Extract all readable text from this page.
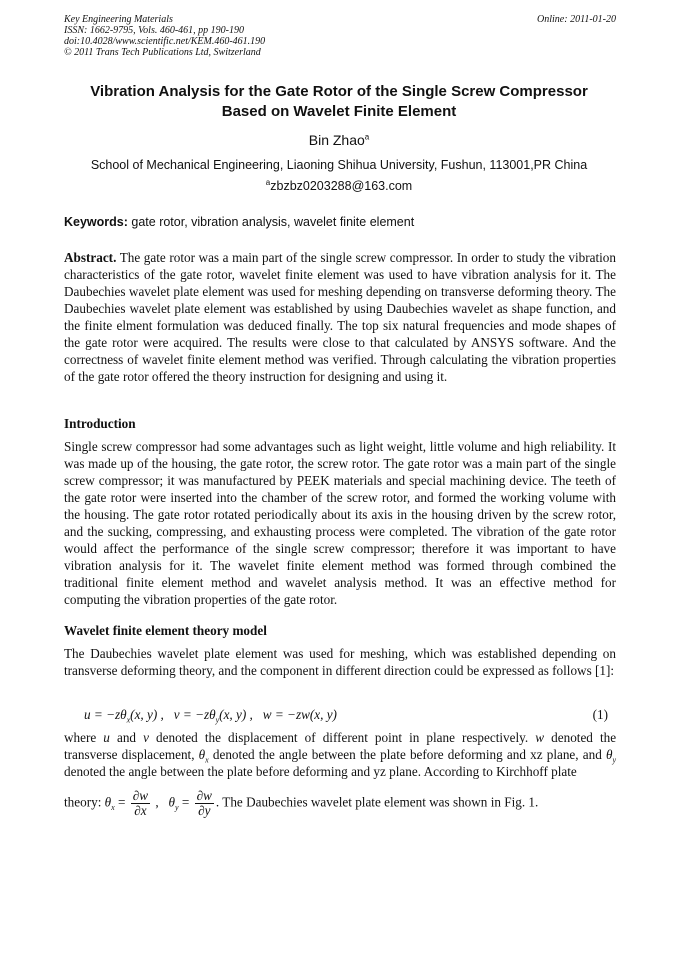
Key Engineering Materials
ISSN: 1662-9795, Vols. 460-461, pp 190-190
doi:10.4028/www.scientific.net/KEM.460-461.190
© 2011 Trans Tech Publications Ltd, Switzerland
Online: 2011-01-20
Vibration Analysis for the Gate Rotor of the Single Screw Compressor
Based on Wavelet Finite Element
Bin Zhao$^a$
School of Mechanical Engineering, Liaoning Shihua University, Fushun, 113001,PR China
$^a$zbzbz0203288@163.com
Keywords: gate rotor, vibration analysis, wavelet finite element
Abstract. The gate rotor was a main part of the single screw compressor. In order to study the vibration characteristics of the gate rotor, wavelet finite element was used to have vibration analysis for it. The Daubechies wavelet plate element was used for meshing depending on transverse deforming theory. The Daubechies wavelet plate element was established by using Daubechies wavelet as shape function, and the finite elment formulation was deduced finally. The top six natural frequencies and mode shapes of the gate rotor were acquired. The results were close to that calculated by ANSYS software. And the correctness of wavelet finite element method was verified. Through calculating the vibration properties of the gate rotor offered the theory instruction for designing and using it.
Introduction
Single screw compressor had some advantages such as light weight, little volume and high reliability. It was made up of the housing, the gate rotor, the screw rotor. The gate rotor was a main part of the single screw compressor; it was manufactured by PEEK materials and special machining device. The teeth of the gate rotor were inserted into the chamber of the screw rotor, and formed the working volume with the housing. The gate rotor rotated periodically about its axis in the housing driven by the screw rotor, and the sucking, compressing, and exhausting process were completed. The vibration of the gate rotor would affect the performance of the single screw compressor; therefore it was important to have vibration analysis for it. The wavelet finite element method was formed through combined the traditional finite element method and wavelet analysis method. It was an effective method for computing the vibration properties of the gate rotor.
Wavelet finite element theory model
The Daubechies wavelet plate element was used for meshing, which was established depending on transverse deforming theory, and the component in different direction could be expressed as follows [1]:
$u = -z\theta_x(x$, y) , $v = -z\theta_y(x$, y) , w = −zw(x, y)	(1)
where u and v denoted the displacement of different point in plane respectively. w denoted the transverse displacement, $\theta_x$ denoted the angle between the plate before deforming and xz plane, and $\theta_y$ denoted the angle between the plate before deforming and yz plane. According to Kirchhoff plate
theory: $\theta_x = \frac{\partial w}{\partial x}$ ,   $\theta_y = \frac{\partial w}{\partial y}$ . The Daubechies wavelet plate element was shown in Fig. 1.
